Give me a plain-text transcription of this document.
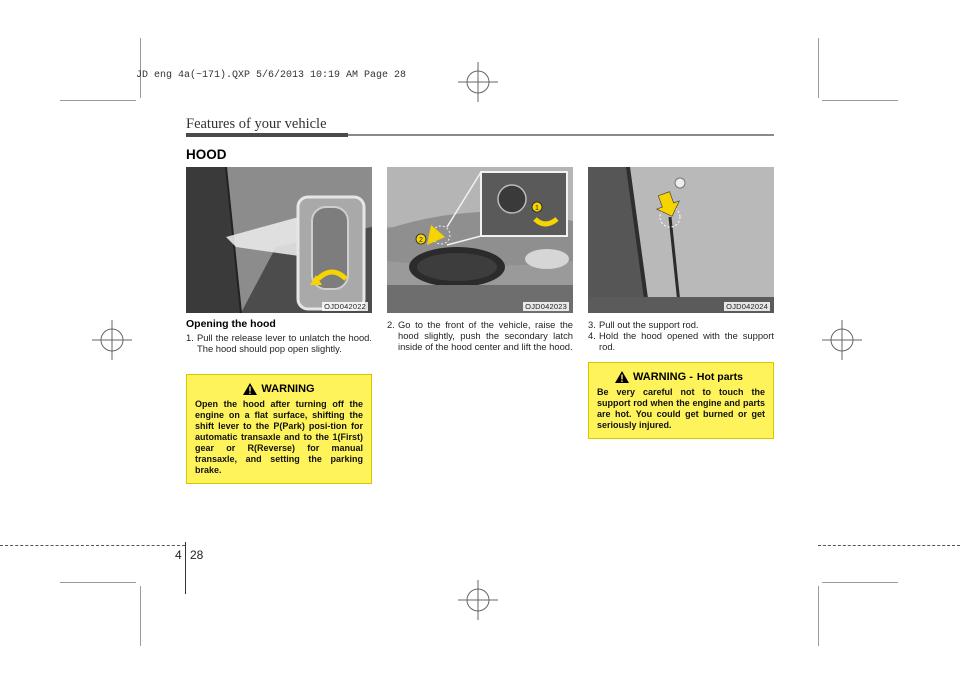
JD eng 4a(~171).QXP 5/6/2013 10:19 AM Page 28
Features of your vehicle
HOOD
OJD042022
1
2
OJD042023	OJD042024
Opening the hood
1. Pull the release lever to unlatch the hood. The hood should pop open slightly.
WARNING
Open the hood after turning off the engine on a flat surface, shifting the shift lever to the P(Park) posi-tion for automatic transaxle and to the 1(First) gear or R(Reverse) for manual transaxle, and setting the parking brake.
2. Go to the front of the vehicle, raise the hood slightly, push the secondary latch inside of the hood center and lift the hood.
3. Pull out the support rod.
4. Hold the hood opened with the support rod.
WARNING - Hot parts
Be very careful not to touch the support rod when the engine and parts are hot. You could get burned or get seriously injured.
4 28
